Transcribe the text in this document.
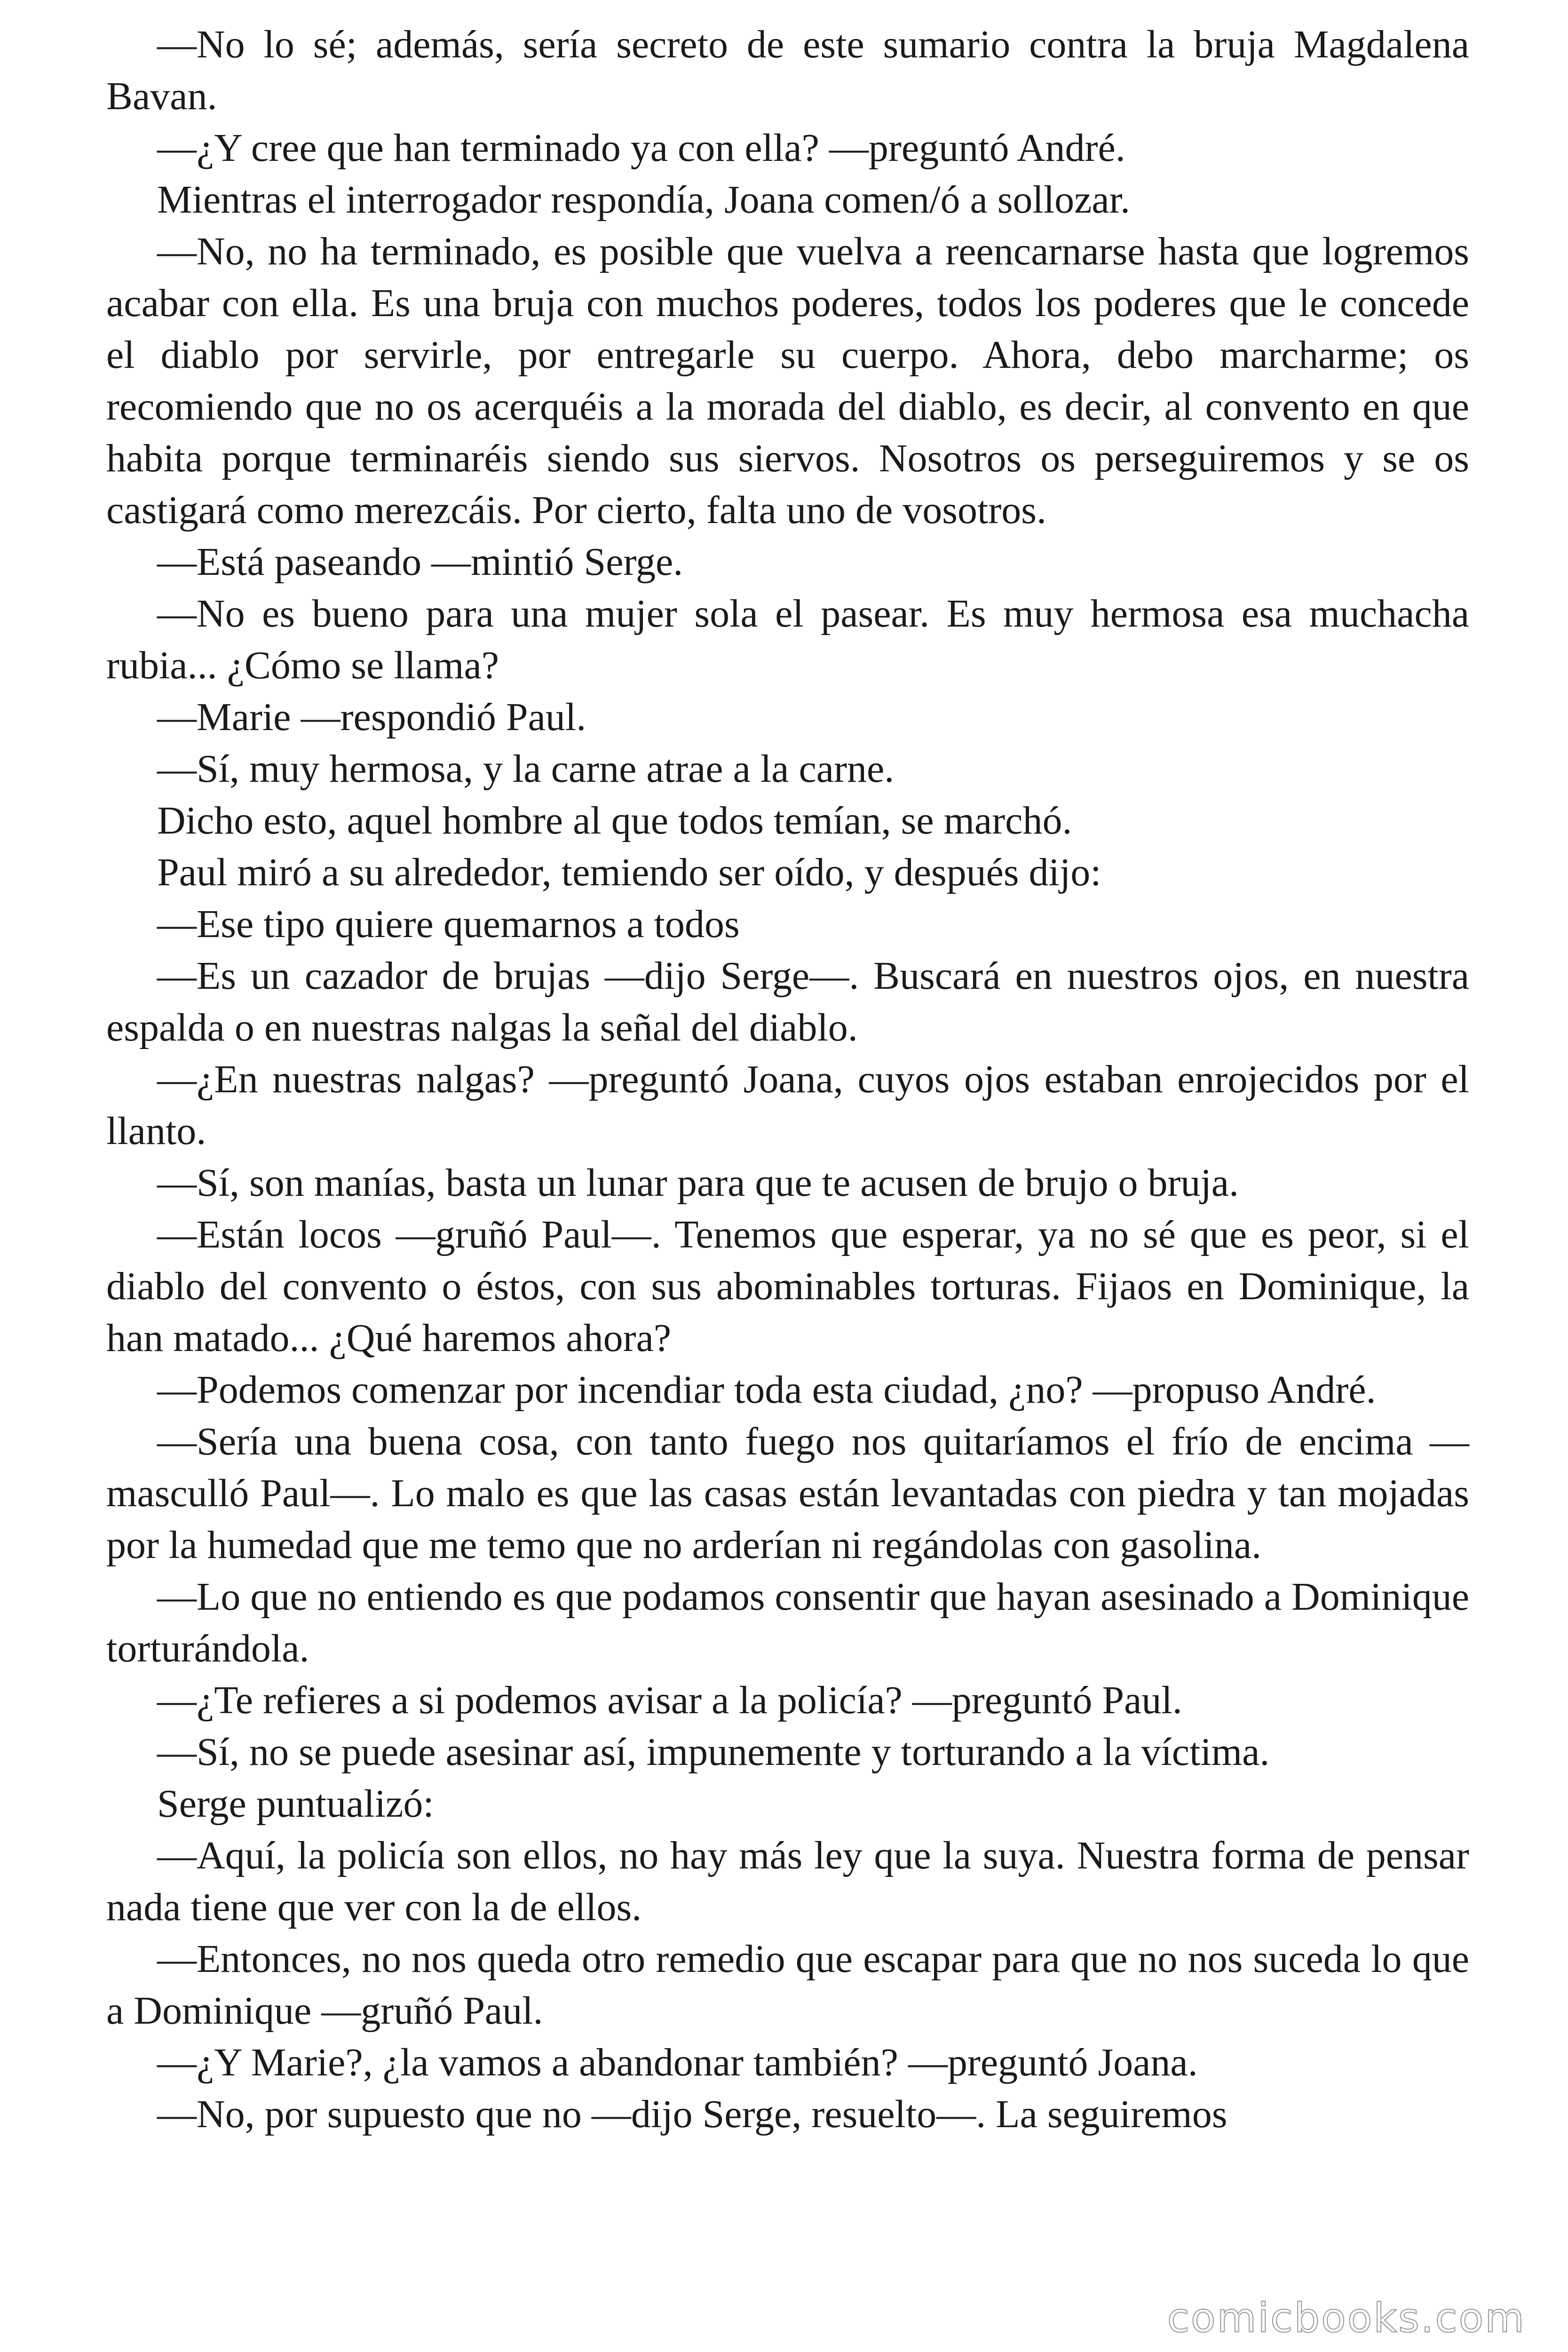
—No lo sé; además, sería secreto de este sumario contra la bruja Magdalena Bavan.

—¿Y cree que han terminado ya con ella? —preguntó André.

Mientras el interrogador respondía, Joana comen/ó a sollozar.

—No, no ha terminado, es posible que vuelva a reencarnarse hasta que logremos acabar con ella. Es una bruja con muchos poderes, todos los poderes que le concede el diablo por servirle, por entregarle su cuerpo. Ahora, debo marcharme; os recomiendo que no os acerquéis a la morada del diablo, es decir, al convento en que habita porque terminaréis siendo sus siervos. Nosotros os perseguiremos y se os castigará como merezcáis. Por cierto, falta uno de vosotros.

—Está paseando —mintió Serge.

—No es bueno para una mujer sola el pasear. Es muy hermosa esa muchacha rubia... ¿Cómo se llama?

—Marie —respondió Paul.

—Sí, muy hermosa, y la carne atrae a la carne.

Dicho esto, aquel hombre al que todos temían, se marchó.

Paul miró a su alrededor, temiendo ser oído, y después dijo:

—Ese tipo quiere quemarnos a todos

—Es un cazador de brujas —dijo Serge—. Buscará en nuestros ojos, en nuestra espalda o en nuestras nalgas la señal del diablo.

—¿En nuestras nalgas? —preguntó Joana, cuyos ojos estaban enrojecidos por el llanto.

—Sí, son manías, basta un lunar para que te acusen de brujo o bruja.

—Están locos —gruñó Paul—. Tenemos que esperar, ya no sé que es peor, si el diablo del convento o éstos, con sus abominables torturas. Fijaos en Dominique, la han matado... ¿Qué haremos ahora?

—Podemos comenzar por incendiar toda esta ciudad, ¿no? —propuso André.

—Sería una buena cosa, con tanto fuego nos quitaríamos el frío de encima —masculló Paul—. Lo malo es que las casas están levantadas con piedra y tan mojadas por la humedad que me temo que no arderían ni regándolas con gasolina.

—Lo que no entiendo es que podamos consentir que hayan asesinado a Dominique torturándola.

—¿Te refieres a si podemos avisar a la policía? —preguntó Paul.

—Sí, no se puede asesinar así, impunemente y torturando a la víctima.

Serge puntualizó:

—Aquí, la policía son ellos, no hay más ley que la suya. Nuestra forma de pensar nada tiene que ver con la de ellos.

—Entonces, no nos queda otro remedio que escapar para que no nos suceda lo que a Dominique —gruñó Paul.

—¿Y Marie?, ¿la vamos a abandonar también? —preguntó Joana.

—No, por supuesto que no —dijo Serge, resuelto—. La seguiremos

comicbooks.com
